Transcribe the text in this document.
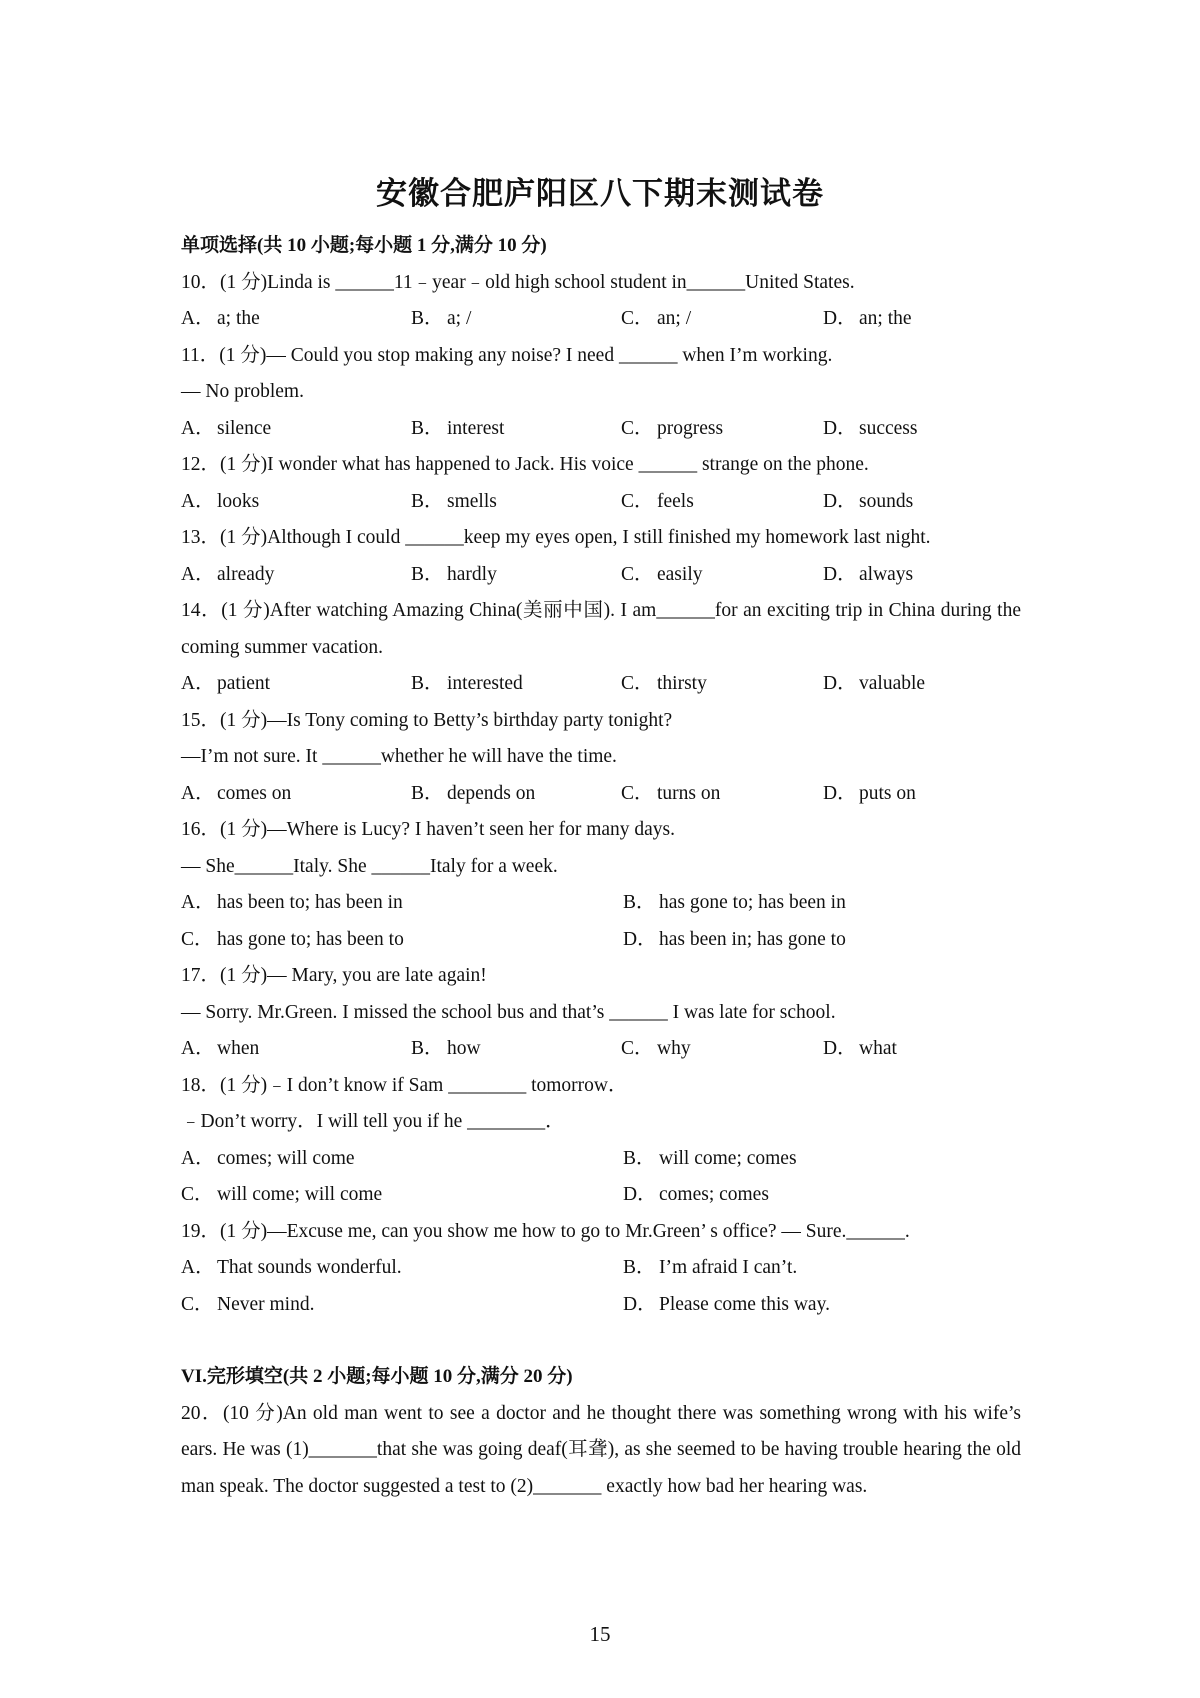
安徽合肥庐阳区八下期末测试卷
单项选择(共 10 小题;每小题 1 分,满分 10 分)
10．(1 分)Linda is ______11﹣year﹣old high school student in______United States.
A． a; the	B． a; /	C． an; /	D． an; the
11．(1 分)— Could you stop making any noise? I need ______ when I’m working.
— No problem.
A． silence	B． interest	C． progress	D． success
12．(1 分)I wonder what has happened to Jack. His voice ______ strange on the phone.
A． looks	B． smells	C． feels	D． sounds
13．(1 分)Although I could ______keep my eyes open, I still finished my homework last night.
A． already	B． hardly	C． easily	D． always
14．(1 分)After watching Amazing China(美丽中国). I am______for an exciting trip in China during the coming summer vacation.
A． patient	B． interested	C． thirsty	D． valuable
15．(1 分)—Is Tony coming to Betty’s birthday party tonight?
—I’m not sure. It ______whether he will have the time.
A． comes on	B． depends on	C． turns on	D． puts on
16．(1 分)—Where is Lucy? I haven’t seen her for many days.
— She______Italy. She ______Italy for a week.
A． has been to; has been in	B． has gone to; has been in
C． has gone to; has been to	D． has been in; has gone to
17．(1 分)— Mary, you are late again!
— Sorry. Mr.Green. I missed the school bus and that’s ______ I was late for school.
A． when	B． how	C． why	D． what
18．(1 分)﹣I don’t know if Sam ________ tomorrow．
﹣Don’t worry．I will tell you if he ________．
A． comes; will come	B． will come; comes
C． will come; will come	D． comes; comes
19．(1 分)—Excuse me, can you show me how to go to Mr.Green’ s office? — Sure.______.
A． That sounds wonderful.	B． I’m afraid I can’t.
C． Never mind.	D． Please come this way.
VI.完形填空(共 2 小题;每小题 10 分,满分 20 分)
20．(10 分)An old man went to see a doctor and he thought there was something wrong with his wife’s ears. He was (1)_______that she was going deaf(耳聋), as she seemed to be having trouble hearing the old man speak. The doctor suggested a test to (2)_______ exactly how bad her hearing was.
15
